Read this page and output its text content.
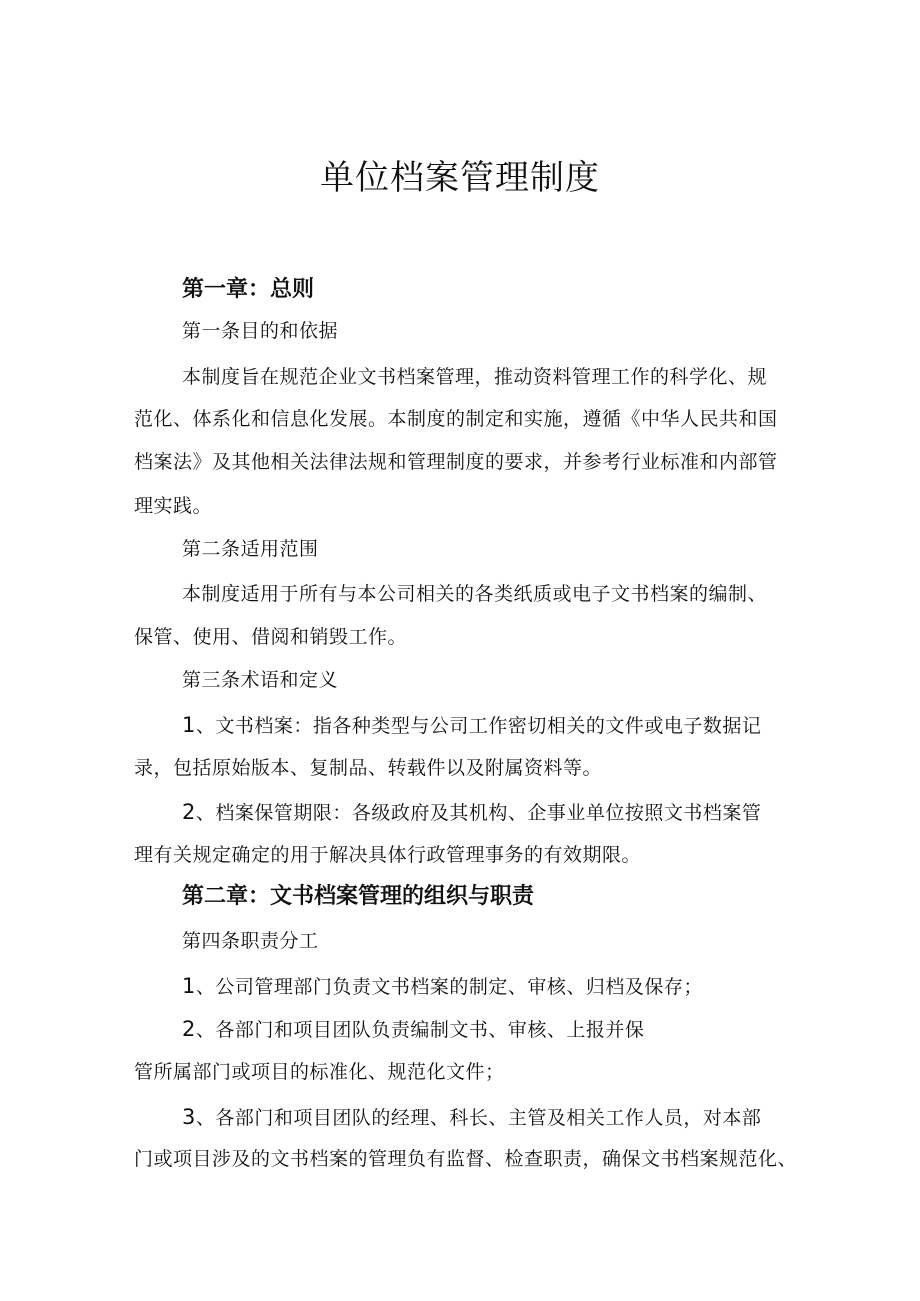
单位档案管理制度
第一章：总则
第一条目的和依据
本制度旨在规范企业文书档案管理，推动资料管理工作的科学化、规
范化、体系化和信息化发展。本制度的制定和实施，遵循《中华人民共和国
档案法》及其他相关法律法规和管理制度的要求，并参考行业标准和内部管
理实践。
第二条适用范围
本制度适用于所有与本公司相关的各类纸质或电子文书档案的编制、
保管、使用、借阅和销毁工作。
第三条术语和定义
1、文书档案：指各种类型与公司工作密切相关的文件或电子数据记
录，包括原始版本、复制品、转载件以及附属资料等。
2、档案保管期限：各级政府及其机构、企事业单位按照文书档案管
理有关规定确定的用于解决具体行政管理事务的有效期限。
第二章：文书档案管理的组织与职责
第四条职责分工
1、公司管理部门负责文书档案的制定、审核、归档及保存；
2、各部门和项目团队负责编制文书、审核、上报并保
管所属部门或项目的标准化、规范化文件；
3、各部门和项目团队的经理、科长、主管及相关工作人员，对本部
门或项目涉及的文书档案的管理负有监督、检查职责，确保文书档案规范化、
